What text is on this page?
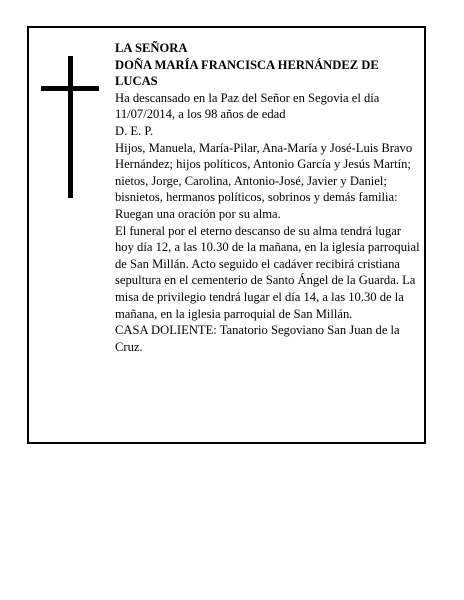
LA SEÑORA

DOÑA MARÍA FRANCISCA HERNÁNDEZ DE LUCAS

Ha descansado en la Paz del Señor en Segovia el día 11/07/2014, a los 98 años de edad

D. E. P.

Hijos, Manuela, María-Pilar, Ana-María y José-Luis Bravo Hernández; hijos políticos, Antonio García y Jesús Martín; nietos, Jorge, Carolina, Antonio-José, Javier y Daniel; bisnietos, hermanos políticos, sobrinos y demás familia:

Ruegan una oración por su alma.

El funeral por el eterno descanso de su alma tendrá lugar hoy día 12, a las 10.30 de la mañana, en la iglesia parroquial de San Millán. Acto seguido el cadáver recibirá cristiana sepultura en el cementerio de Santo Ángel de la Guarda. La misa de privilegio tendrá lugar el día 14, a las 10.30 de la mañana, en la iglesia parroquial de San Millán.

CASA DOLIENTE: Tanatorio Segoviano San Juan de la Cruz.
